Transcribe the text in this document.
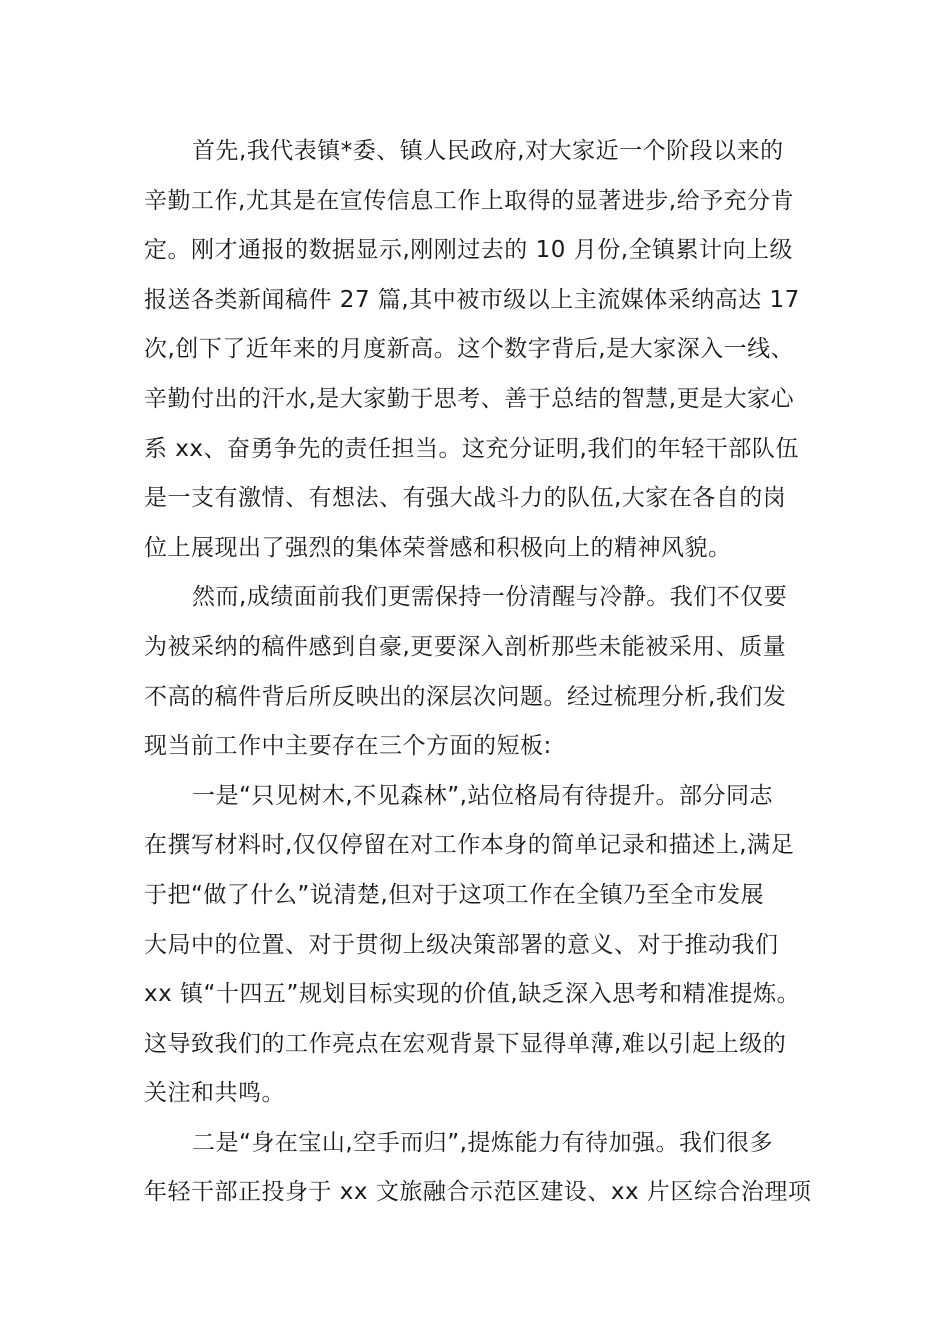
首先,我代表镇*委、镇人民政府,对大家近一个阶段以来的
辛勤工作,尤其是在宣传信息工作上取得的显著进步,给予充分肯
定。刚才通报的数据显示,刚刚过去的 10 月份,全镇累计向上级
报送各类新闻稿件 27 篇,其中被市级以上主流媒体采纳高达 17
次,创下了近年来的月度新高。这个数字背后,是大家深入一线、
辛勤付出的汗水,是大家勤于思考、善于总结的智慧,更是大家心
系 xx、奋勇争先的责任担当。这充分证明,我们的年轻干部队伍
是一支有激情、有想法、有强大战斗力的队伍,大家在各自的岗
位上展现出了强烈的集体荣誉感和积极向上的精神风貌。
然而,成绩面前我们更需保持一份清醒与冷静。我们不仅要
为被采纳的稿件感到自豪,更要深入剖析那些未能被采用、质量
不高的稿件背后所反映出的深层次问题。经过梳理分析,我们发
现当前工作中主要存在三个方面的短板:
一是“只见树木,不见森林”,站位格局有待提升。部分同志
在撰写材料时,仅仅停留在对工作本身的简单记录和描述上,满足
于把“做了什么”说清楚,但对于这项工作在全镇乃至全市发展
大局中的位置、对于贯彻上级决策部署的意义、对于推动我们
xx 镇“十四五”规划目标实现的价值,缺乏深入思考和精准提炼。
这导致我们的工作亮点在宏观背景下显得单薄,难以引起上级的
关注和共鸣。
二是“身在宝山,空手而归”,提炼能力有待加强。我们很多
年轻干部正投身于 xx 文旅融合示范区建设、xx 片区综合治理项
